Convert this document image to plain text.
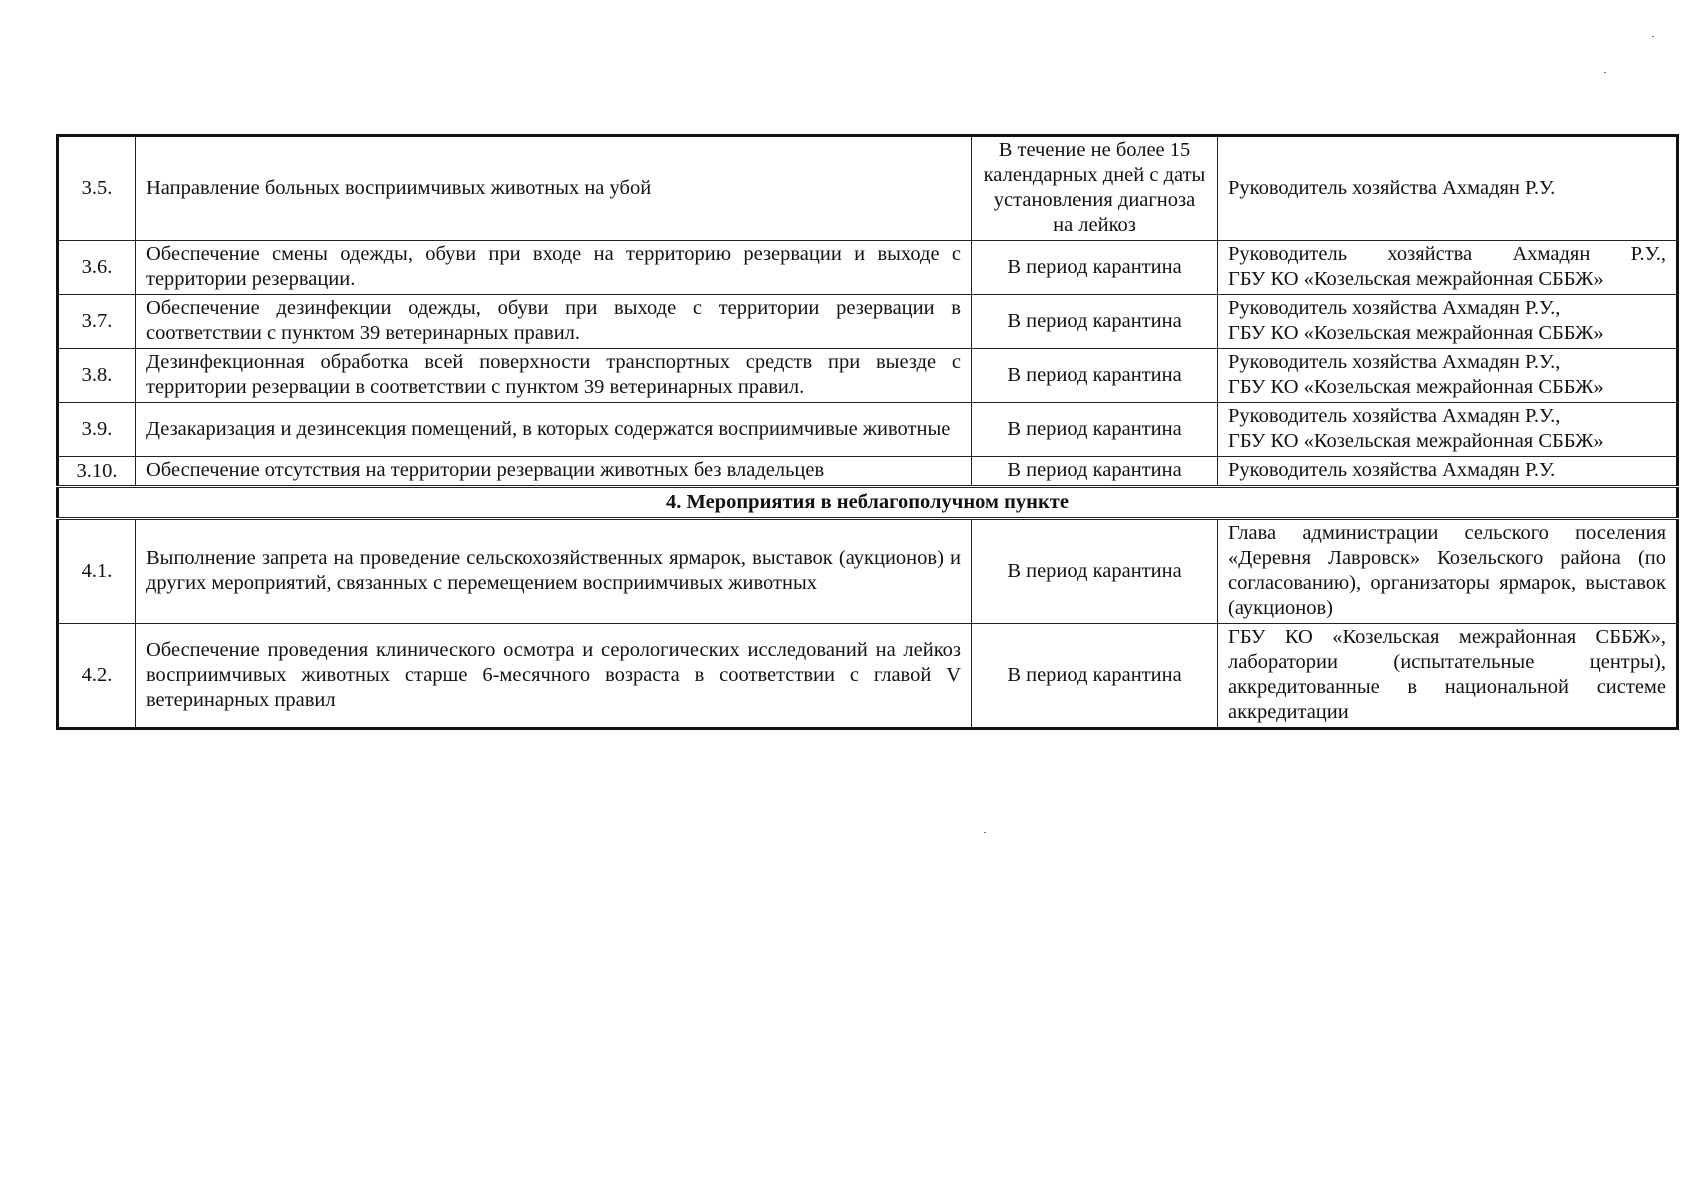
3.5.	Направление больных восприимчивых животных на убой	В течение не более 15 календарных дней с даты установления диагноза на лейкоз	Руководитель хозяйства Ахмадян Р.У.

3.6.	Обеспечение смены одежды, обуви при входе на территорию резервации и выходе с территории резервации.	В период карантина	Руководитель хозяйства Ахмадян Р.У.,
ГБУ КО «Козельская межрайонная СББЖ»

3.7.	Обеспечение дезинфекции одежды, обуви при выходе с территории резервации в соответствии с пунктом 39 ветеринарных правил.	В период карантина	Руководитель хозяйства Ахмадян Р.У.,
ГБУ КО «Козельская межрайонная СББЖ»

3.8.	Дезинфекционная обработка всей поверхности транспортных средств при выезде с территории резервации в соответствии с пунктом 39 ветеринарных правил.	В период карантина	Руководитель хозяйства Ахмадян Р.У.,
ГБУ КО «Козельская межрайонная СББЖ»

3.9.	Дезакаризация и дезинсекция помещений, в которых содержатся восприимчивые животные	В период карантина	Руководитель хозяйства Ахмадян Р.У.,
ГБУ КО «Козельская межрайонная СББЖ»

3.10.	Обеспечение отсутствия на территории резервации животных без владельцев	В период карантина	Руководитель хозяйства Ахмадян Р.У.

4. Мероприятия в неблагополучном пункте			
4.1.	Выполнение запрета на проведение сельскохозяйственных ярмарок, выставок (аукционов) и других мероприятий, связанных с перемещением восприимчивых животных	В период карантина	Глава администрации сельского поселения «Деревня Лавровск» Козельского района (по согласованию), организаторы ярмарок, выставок (аукционов)

4.2.	Обеспечение проведения клинического осмотра и серологических исследований на лейкоз восприимчивых животных старше 6-месячного возраста в соответствии с главой V ветеринарных правил	В период карантина	ГБУ КО «Козельская межрайонная СББЖ», лаборатории (испытательные центры), аккредитованные в национальной системе аккредитации
